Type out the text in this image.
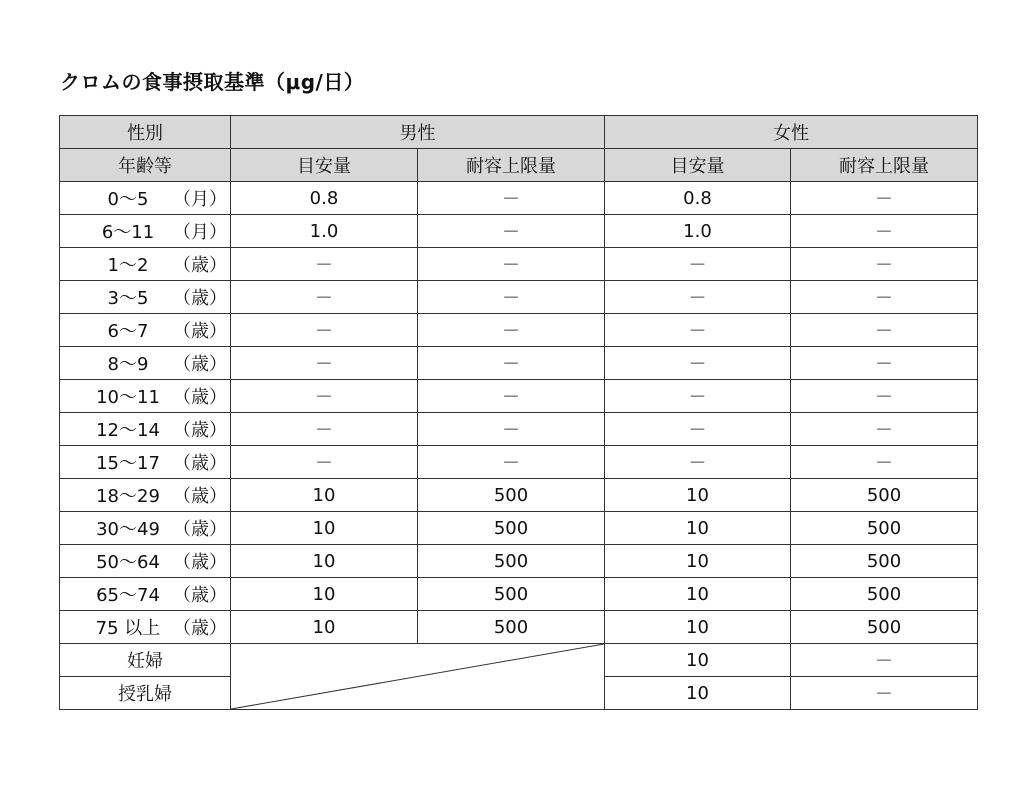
クロムの食事摂取基準（μg/日）
性別	男性		女性	
年齢等	目安量	耐容上限量	目安量	耐容上限量
0～5 （月）	0.8	－	0.8	－
6～11 （月）	1.0	－	1.0	－
1～2 （歳）	－	－	－	－
3～5 （歳）	－	－	－	－
6～7 （歳）	－	－	－	－
8～9 （歳）	－	－	－	－
10～11 （歳）	－	－	－	－
12～14 （歳）	－	－	－	－
15～17 （歳）	－	－	－	－
18～29 （歳）	10	500	10	500
30～49 （歳）	10	500	10	500
50～64 （歳）	10	500	10	500
65～74 （歳）	10	500	10	500
75 以上 （歳）	10	500	10	500
妊婦			10	－
授乳婦			10	－
